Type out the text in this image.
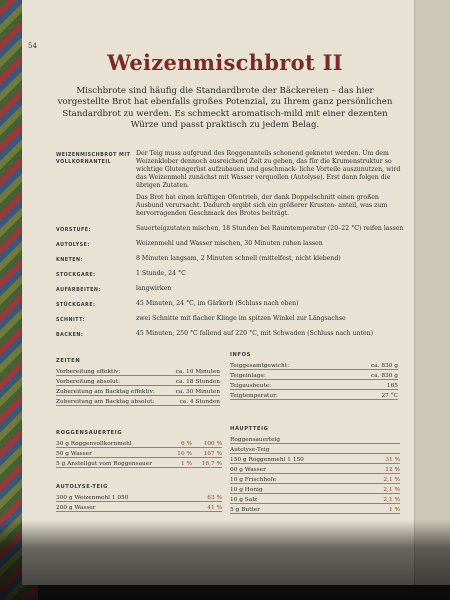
54
Weizenmischbrot II
Mischbrote sind häufig die Standardbrote der Bäckereien – das hier vorgestellte Brot hat ebenfalls großes Potenzial, zu Ihrem ganz persönlichen Standardbrot zu werden. Es schmeckt aromatisch-mild mit einer dezenten Würze und passt praktisch zu jedem Belag.
WEIZENMISCHBROT MIT VOLLKORNANTEIL

Der Teig muss aufgrund des Roggenanteils schonend geknetet werden. Um dem Weizenkleber dennoch ausreichend Zeit zu geben, das für die Krumenstruktur so wichtige Glutengerüst aufzubauen und geschmack- liche Vorteile auszunutzen, wird das Weizenmehl zunächst mit Wasser verquollen (Autolyse). Erst dann folgen die übrigen Zutaten.

Das Brot hat einen kräftigen Ofentrieb, der dank Doppelschnitt einen großen Ausbund verursacht. Dadurch ergibt sich ein größerer Krusten- anteil, was zum hervorragenden Geschmack des Brotes beiträgt.

VORSTUFE:	Sauerteigzutaten mischen, 18 Stunden bei Raumtemperatur (20–22 °C) reifen lassen

AUTOLYSE:	Weizenmehl und Wasser mischen, 30 Minuten ruhen lassen

KNETEN:	8 Minuten langsam, 2 Minuten schnell (mittelfest, nicht klebend)

STOCKGARE:	1 Stunde, 24 °C

AUFARBEITEN:	langwirken

STÜCKGARE:	45 Minuten, 24 °C, im Gärkorb (Schluss nach oben)

SCHNITT:	zwei Schnitte mit flacher Klinge im spitzen Winkel zur Längsachse

BACKEN:	45 Minuten, 250 °C fallend auf 220 °C, mit Schwaden (Schluss nach unten)

ZEITEN
Vorbereitung effektiv:	ca. 10 Minuten
Vorbereitung absolut:	ca. 18 Stunden
Zubereitung am Backtag effektiv:	ca. 30 Minuten
Zubereitung am Backtag absolut:	ca. 4 Stunden
INFOS
Teiggesamtgewicht:	ca. 830 g
Teigeinlage:	ca. 830 g
Teigausbeute:	165
Teigtemperatur:	27 °C
ROGGENSAUERTEIG
30 g Roggenvollkornmehl	6 %	100 %
50 g Wasser	10 %	167 %
5 g Anstellgut vom Roggensauer	1 %	16,7 %
AUTOLYSE-TEIG
300 g Weizenmehl 1 050	63 %
200 g Wasser	41 %
HAUPTTEIG
Roggensauerteig
Autolyse-Teig
150 g Roggenmehl 1 150	31 %
60 g Wasser	12 %
10 g Frischhefe	2,1 %
10 g Honig	2,1 %
10 g Salz	2,1 %
5 g Butter	1 %
